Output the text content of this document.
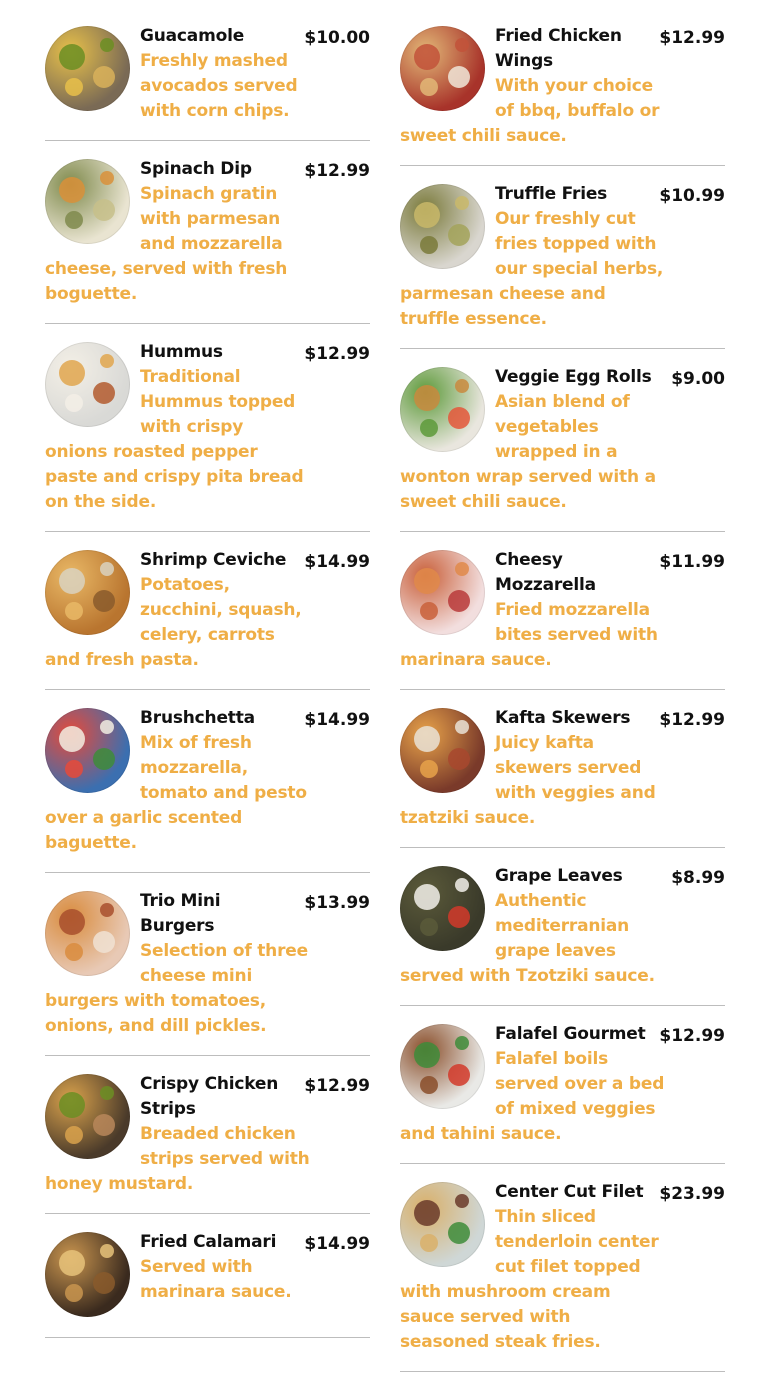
$10.00
Guacamole

Freshly mashed avocados served with corn chips.

$12.99
Spinach Dip

Spinach gratin with parmesan and mozzarella cheese, served with fresh boguette.

$12.99
Hummus

Traditional Hummus topped with crispy onions roasted pepper paste and crispy pita bread on the side.

$14.99
Shrimp Ceviche

Potatoes, zucchini, squash, celery, carrots and fresh pasta.

$14.99
Brushchetta

Mix of fresh mozzarella, tomato and pesto over a garlic scented baguette.

$13.99
Trio Mini Burgers

Selection of three cheese mini burgers with tomatoes, onions, and dill pickles.

$12.99
Crispy Chicken Strips

Breaded chicken strips served with honey mustard.

$14.99
Fried Calamari

Served with marinara sauce.

$12.99
Fried Chicken Wings

With your choice of bbq, buffalo or sweet chili sauce.

$10.99
Truffle Fries

Our freshly cut fries topped with our special herbs, parmesan cheese and truffle essence.

$9.00
Veggie Egg Rolls

Asian blend of vegetables wrapped in a wonton wrap served with a sweet chili sauce.

$11.99
Cheesy Mozzarella

Fried mozzarella bites served with marinara sauce.

$12.99
Kafta Skewers

Juicy kafta skewers served with veggies and tzatziki sauce.

$8.99
Grape Leaves

Authentic mediterranian grape leaves served with Tzotziki sauce.

$12.99
Falafel Gourmet

Falafel boils served over a bed of mixed veggies and tahini sauce.

$23.99
Center Cut Filet

Thin sliced tenderloin center cut filet topped with mushroom cream sauce served with seasoned steak fries.
